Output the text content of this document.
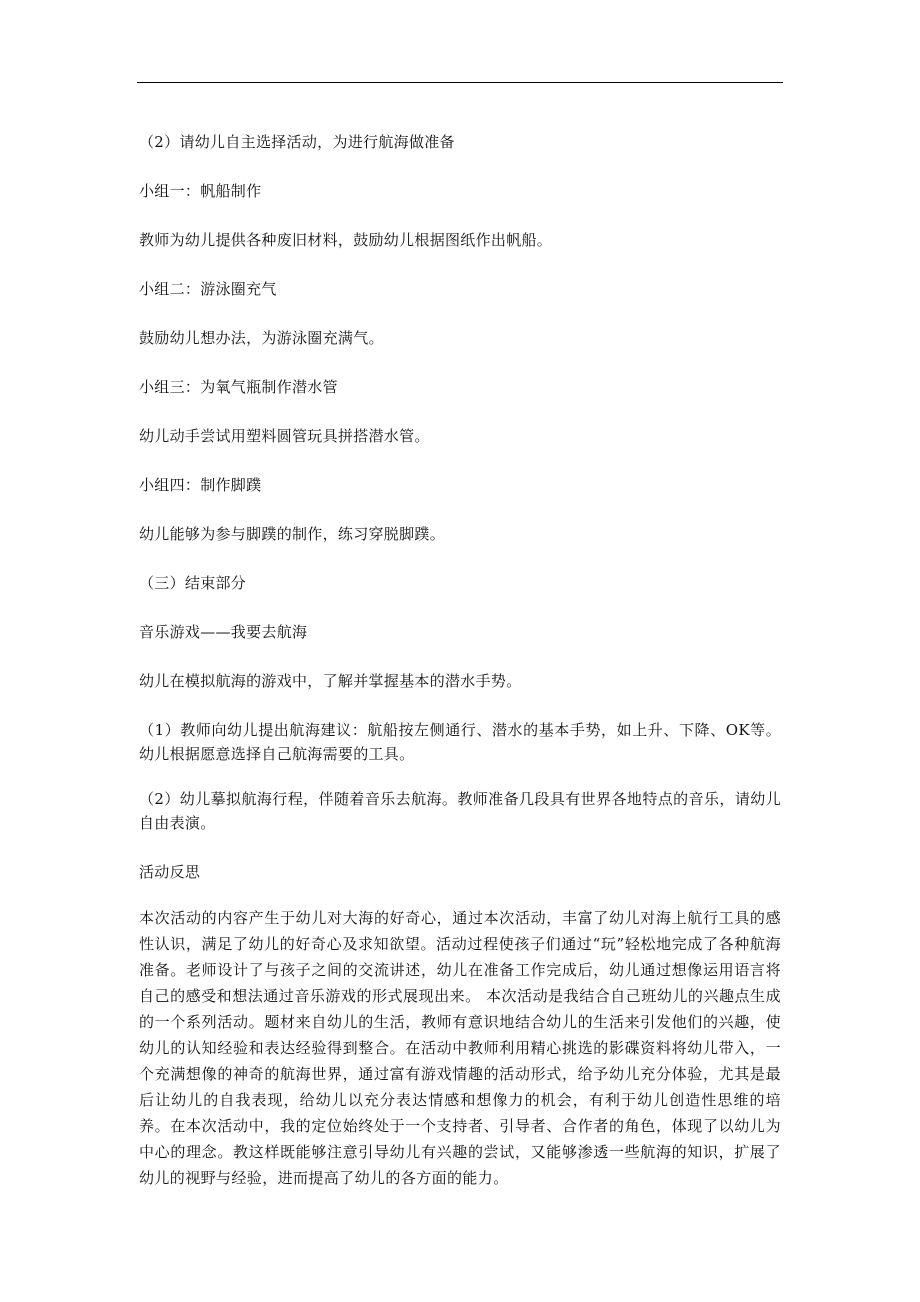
（2）请幼儿自主选择活动，为进行航海做准备

小组一：帆船制作

教师为幼儿提供各种废旧材料，鼓励幼儿根据图纸作出帆船。

小组二：游泳圈充气

鼓励幼儿想办法，为游泳圈充满气。

小组三：为氧气瓶制作潜水管

幼儿动手尝试用塑料圆管玩具拼搭潜水管。

小组四：制作脚蹼

幼儿能够为参与脚蹼的制作，练习穿脱脚蹼。

（三）结束部分

音乐游戏——我要去航海

幼儿在模拟航海的游戏中，了解并掌握基本的潜水手势。

（1）教师向幼儿提出航海建议：航船按左侧通行、潜水的基本手势，如上升、下降、OK等。幼儿根据愿意选择自己航海需要的工具。

（2）幼儿摹拟航海行程，伴随着音乐去航海。教师准备几段具有世界各地特点的音乐，请幼儿自由表演。

活动反思

本次活动的内容产生于幼儿对大海的好奇心，通过本次活动，丰富了幼儿对海上航行工具的感性认识，满足了幼儿的好奇心及求知欲望。活动过程使孩子们通过“玩”轻松地完成了各种航海准备。老师设计了与孩子之间的交流讲述，幼儿在准备工作完成后，幼儿通过想像运用语言将自己的感受和想法通过音乐游戏的形式展现出来。 本次活动是我结合自己班幼儿的兴趣点生成的一个系列活动。题材来自幼儿的生活，教师有意识地结合幼儿的生活来引发他们的兴趣，使幼儿的认知经验和表达经验得到整合。在活动中教师利用精心挑选的影碟资料将幼儿带入，一个充满想像的神奇的航海世界，通过富有游戏情趣的活动形式，给予幼儿充分体验，尤其是最后让幼儿的自我表现，给幼儿以充分表达情感和想像力的机会，有利于幼儿创造性思维的培养。在本次活动中，我的定位始终处于一个支持者、引导者、合作者的角色，体现了以幼儿为中心的理念。教这样既能够注意引导幼儿有兴趣的尝试，又能够渗透一些航海的知识，扩展了幼儿的视野与经验，进而提高了幼儿的各方面的能力。
